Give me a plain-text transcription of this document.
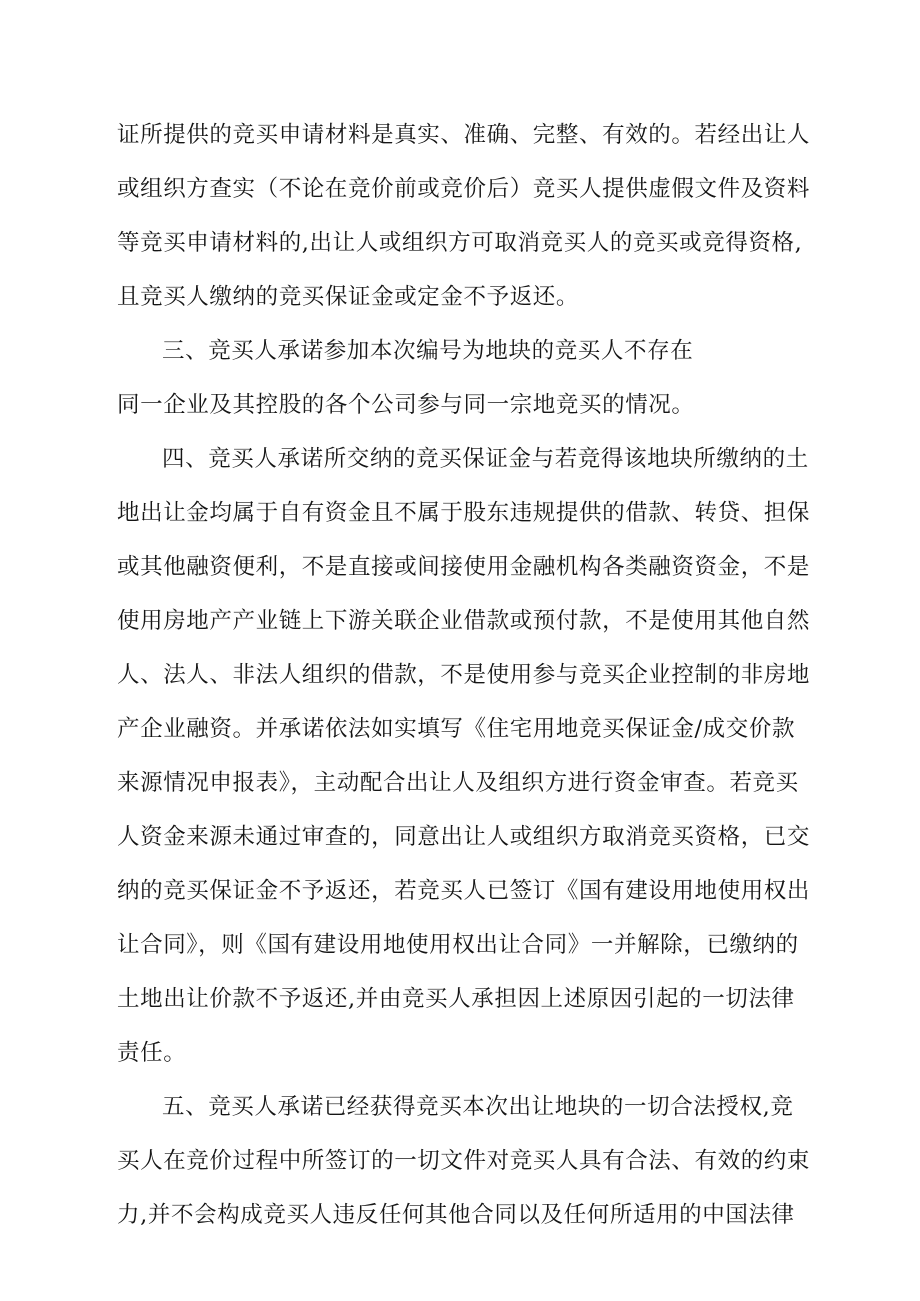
证所提供的竞买申请材料是真实、准确、完整、有效的。若经出让人
或组织方查实（不论在竞价前或竞价后）竞买人提供虚假文件及资料
等竞买申请材料的,出让人或组织方可取消竞买人的竞买或竞得资格,
且竞买人缴纳的竞买保证金或定金不予返还。
三、竞买人承诺参加本次编号为地块的竞买人不存在
同一企业及其控股的各个公司参与同一宗地竞买的情况。
四、竞买人承诺所交纳的竞买保证金与若竞得该地块所缴纳的土
地出让金均属于自有资金且不属于股东违规提供的借款、转贷、担保
或其他融资便利，不是直接或间接使用金融机构各类融资资金，不是
使用房地产产业链上下游关联企业借款或预付款，不是使用其他自然
人、法人、非法人组织的借款，不是使用参与竞买企业控制的非房地
产企业融资。并承诺依法如实填写《住宅用地竞买保证金/成交价款
来源情况申报表》，主动配合出让人及组织方进行资金审查。若竞买
人资金来源未通过审查的，同意出让人或组织方取消竞买资格，已交
纳的竞买保证金不予返还，若竞买人已签订《国有建设用地使用权出
让合同》，则《国有建设用地使用权出让合同》一并解除，已缴纳的
土地出让价款不予返还,并由竞买人承担因上述原因引起的一切法律
责任。
五、竞买人承诺已经获得竞买本次出让地块的一切合法授权,竞
买人在竞价过程中所签订的一切文件对竞买人具有合法、有效的约束
力,并不会构成竞买人违反任何其他合同以及任何所适用的中国法律
